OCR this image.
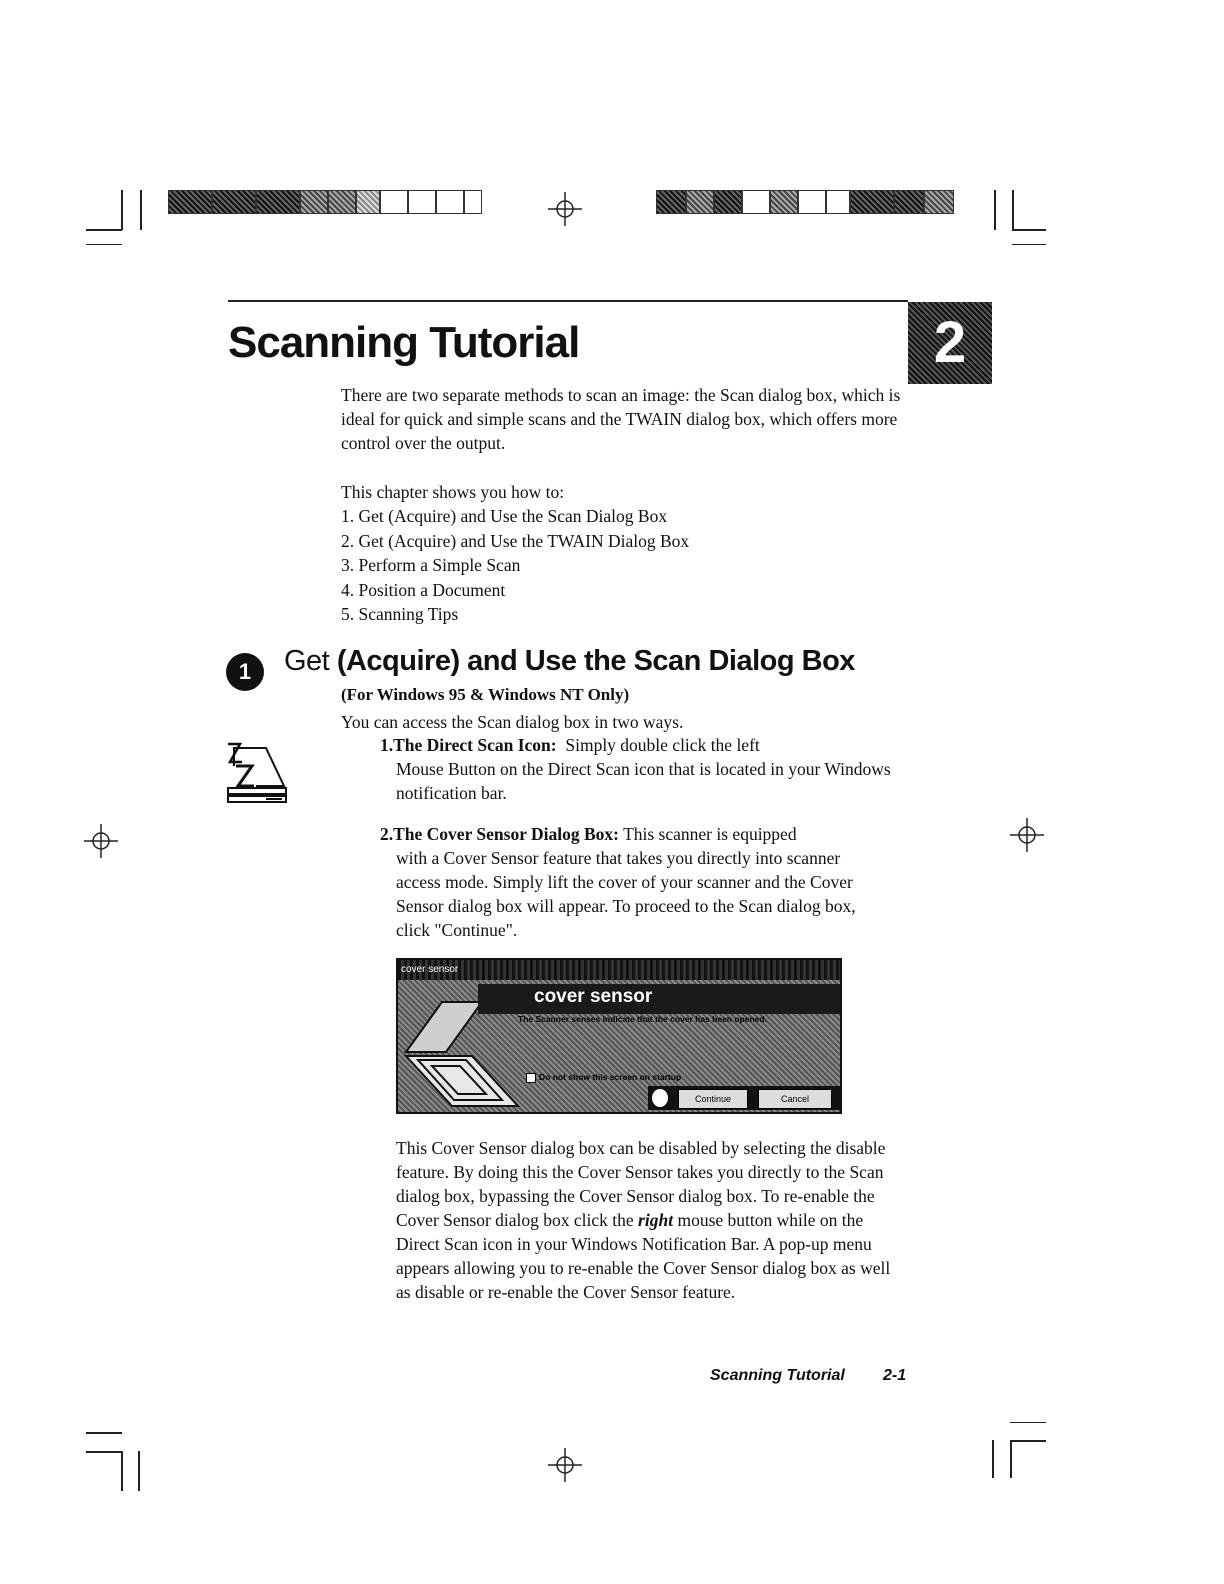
Scanning Tutorial	2
There are two separate methods to scan an image: the Scan dialog box, which is ideal for quick and simple scans and the TWAIN dialog box, which offers more control over the output.
This chapter shows you how to:
1. Get (Acquire) and Use the Scan Dialog Box
2. Get (Acquire) and Use the TWAIN Dialog Box
3. Perform a Simple Scan
4. Position a Document
5. Scanning Tips
1	Get (Acquire) and Use the Scan Dialog Box
(For Windows 95 & Windows NT Only)
You can access the Scan dialog box in two ways.
1.The Direct Scan Icon:  Simply double click the left
Mouse Button on the Direct Scan icon that is located in your Windows notification bar.
2.The Cover Sensor Dialog Box: This scanner is equipped
with a Cover Sensor feature that takes you directly into scanner access mode. Simply lift the cover of your scanner and the Cover Sensor dialog box will appear. To proceed to the Scan dialog box, click "Continue".
cover sensor
cover sensor
The Scanner senses indicate that the cover has been opened.
Do not show this screen on startup
Continue	Cancel
This Cover Sensor dialog box can be disabled by selecting the disable feature. By doing this the Cover Sensor takes you directly to the Scan dialog box, bypassing the Cover Sensor dialog box. To re-enable the Cover Sensor dialog box click the right mouse button while on the Direct Scan icon in your Windows Notification Bar. A pop-up menu appears allowing you to re-enable the Cover Sensor dialog box as well as disable or re-enable the Cover Sensor feature.
Scanning Tutorial 2-1
